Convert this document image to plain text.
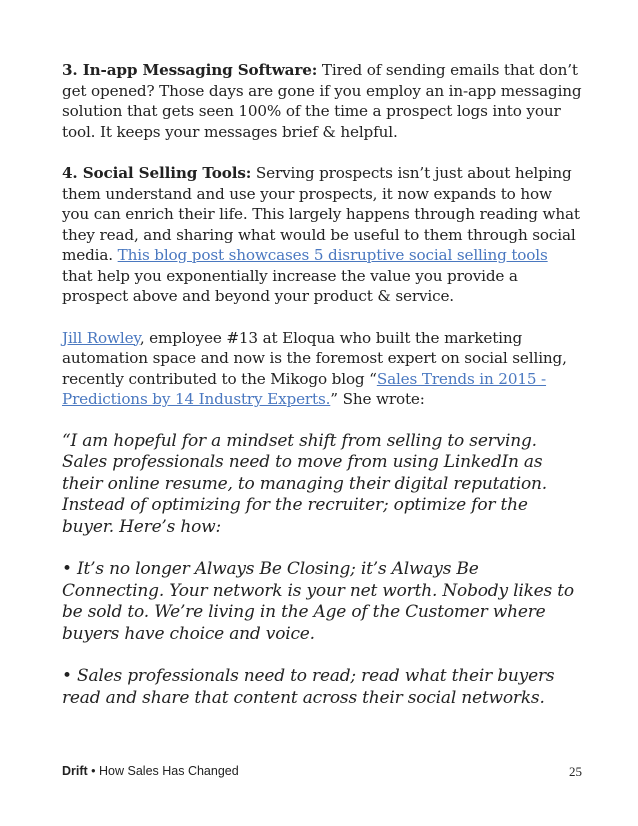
3. In-app Messaging Software: Tired of sending emails that don’t get opened? Those days are gone if you employ an in-app messaging solution that gets seen 100% of the time a prospect logs into your tool. It keeps your messages brief & helpful.

4. Social Selling Tools: Serving prospects isn’t just about helping them understand and use your prospects, it now expands to how you can enrich their life. This largely happens through reading what they read, and sharing what would be useful to them through social media. This blog post showcases 5 disruptive social selling tools that help you exponentially increase the value you provide a prospect above and beyond your product & service.

Jill Rowley, employee #13 at Eloqua who built the marketing automation space and now is the foremost expert on social selling, recently contributed to the Mikogo blog “Sales Trends in 2015 - Predictions by 14 Industry Experts.” She wrote:

“I am hopeful for a mindset shift from selling to serving. Sales professionals need to move from using LinkedIn as their online resume, to managing their digital reputation. Instead of optimizing for the recruiter; optimize for the buyer. Here’s how:

• It’s no longer Always Be Closing; it’s Always Be Connecting. Your network is your net worth. Nobody likes to be sold to. We’re living in the Age of the Customer where buyers have choice and voice.

• Sales professionals need to read; read what their buyers read and share that content across their social networks.

Drift • How Sales Has Changed	25
